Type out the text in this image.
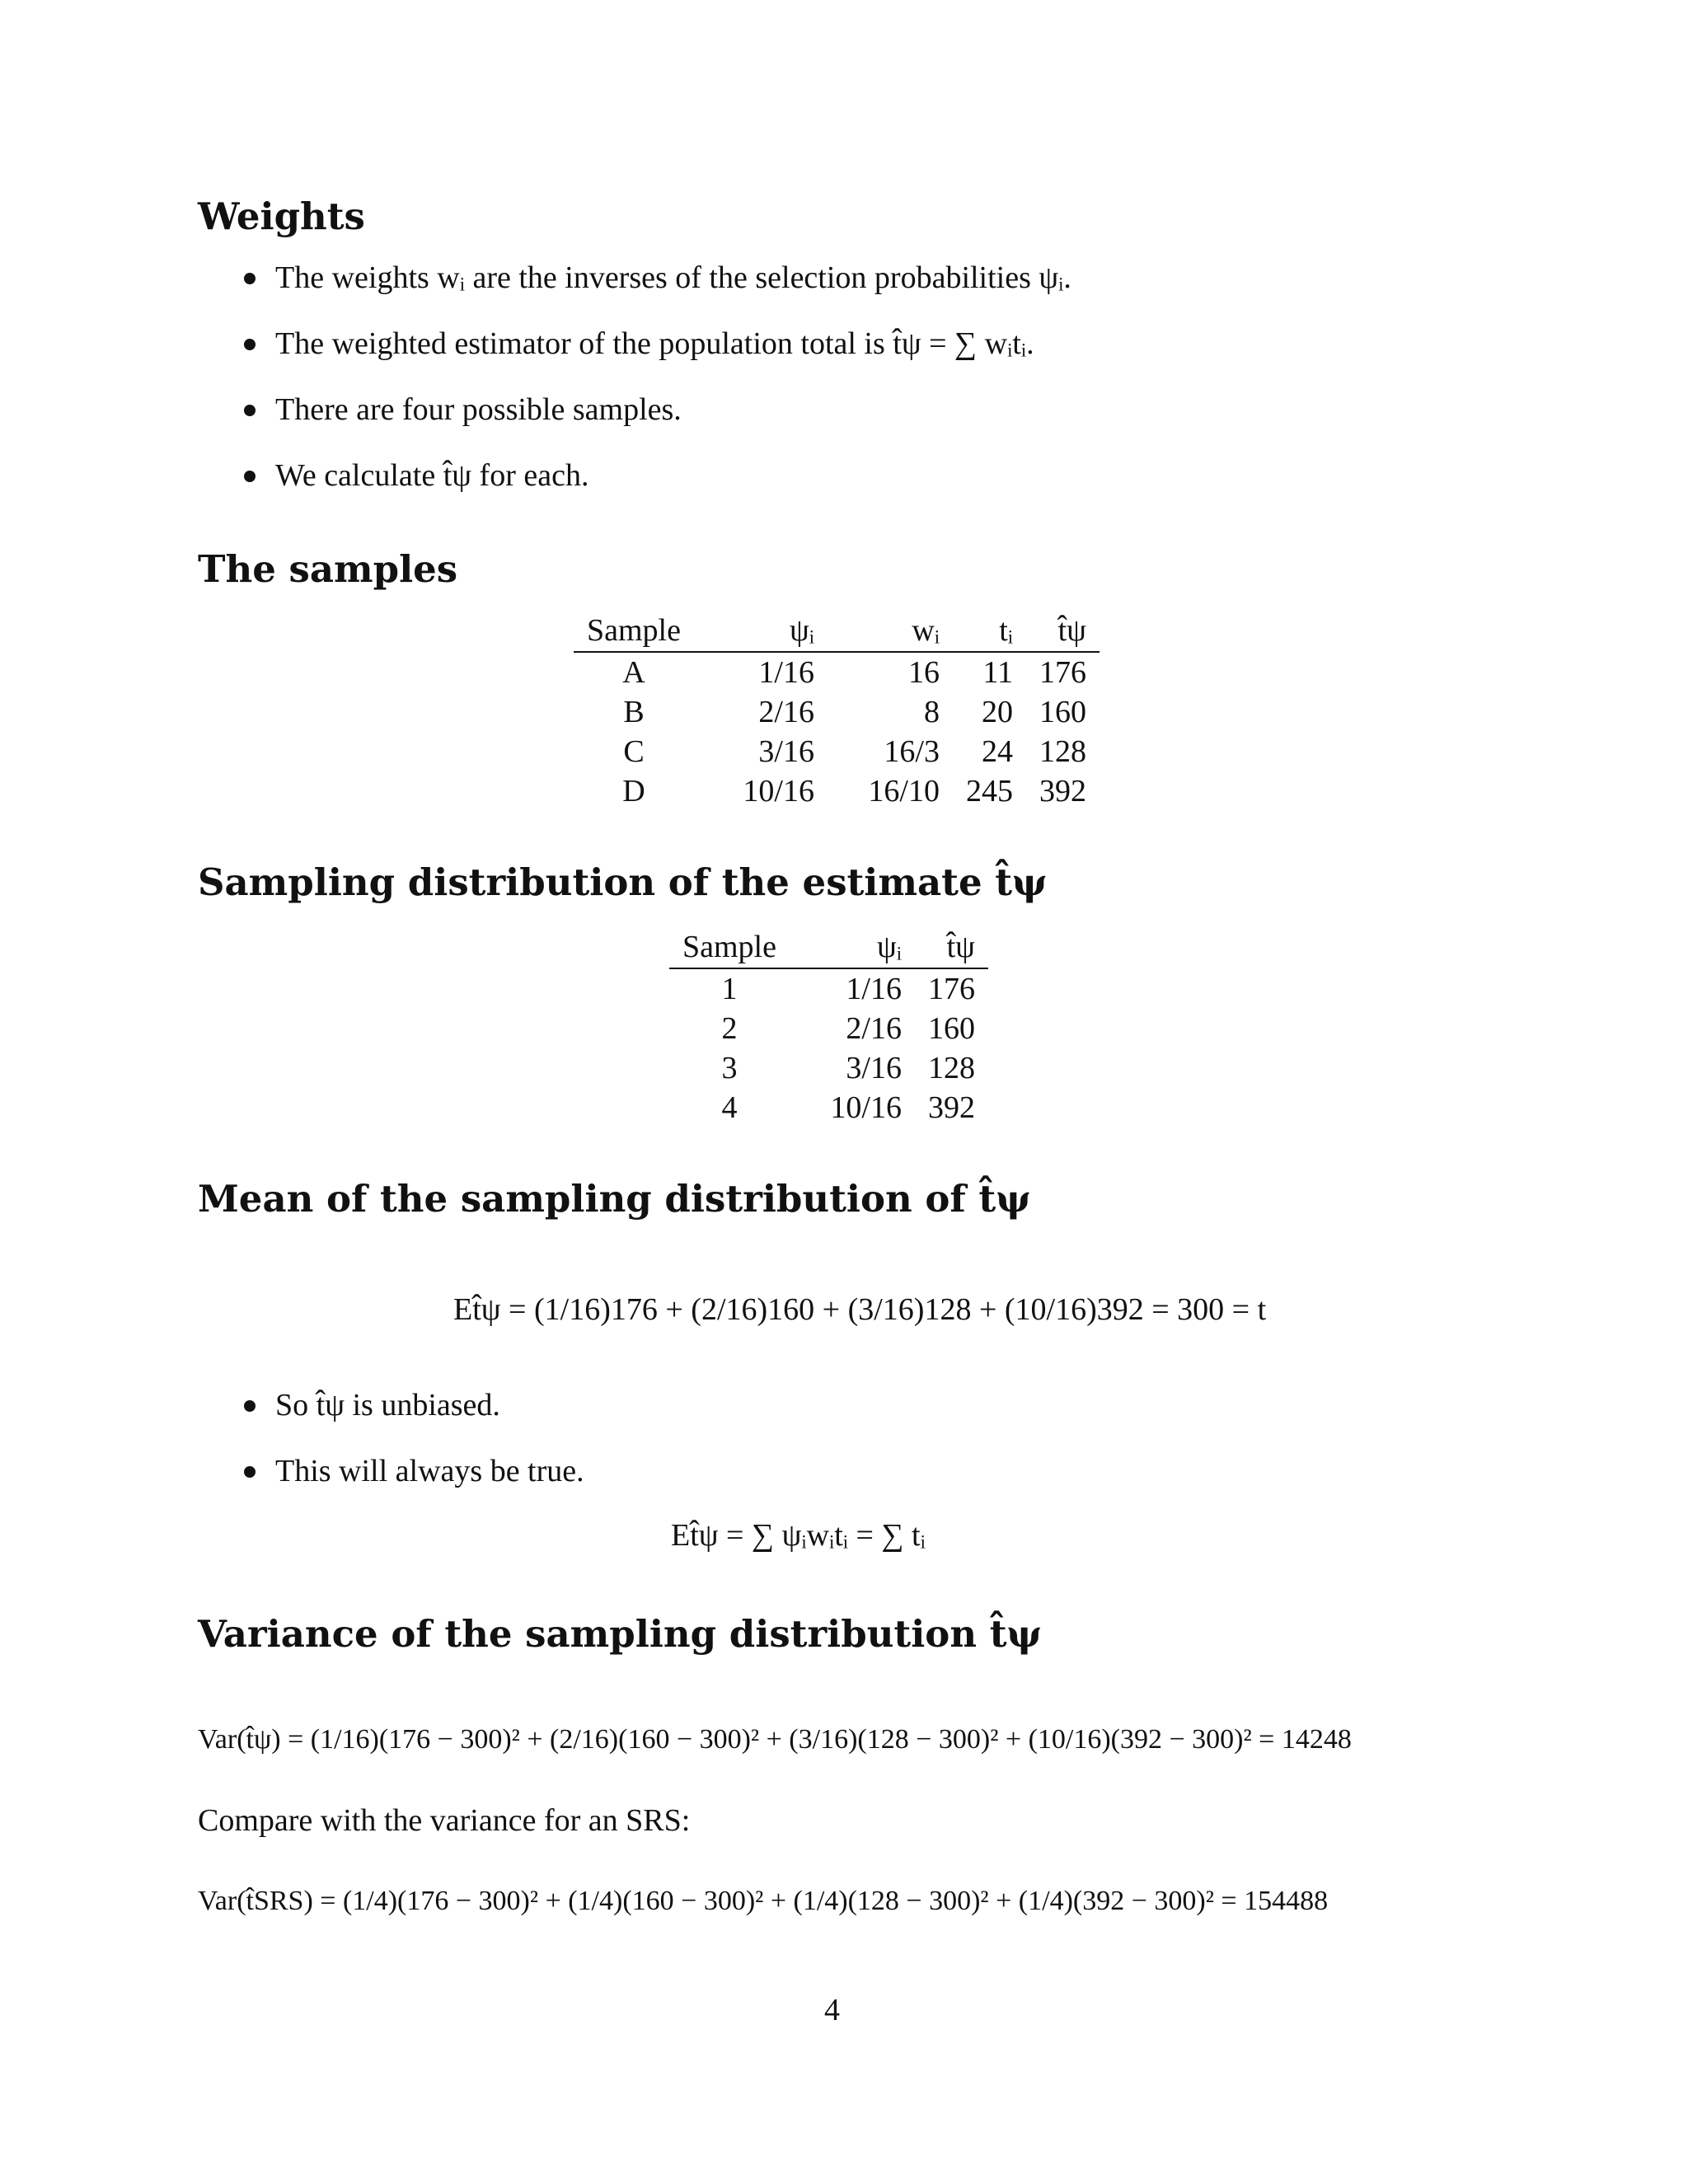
Weights
The weights wᵢ are the inverses of the selection probabilities ψᵢ.
The weighted estimator of the population total is t̂ψ = ∑ wᵢtᵢ.
There are four possible samples.
We calculate t̂ψ for each.
The samples
Sample	ψᵢ	wᵢ	tᵢ	t̂ψ
A	1/16	16	11	176
B	2/16	8	20	160
C	3/16	16/3	24	128
D	10/16	16/10	245	392
Sampling distribution of the estimate t̂ψ
Sample	ψᵢ	t̂ψ
1	1/16	176
2	2/16	160
3	3/16	128
4	10/16	392
Mean of the sampling distribution of t̂ψ
Et̂ψ = (1/16)176 + (2/16)160 + (3/16)128 + (10/16)392 = 300 = t
So t̂ψ is unbiased.
This will always be true.
Et̂ψ = ∑ ψᵢwᵢtᵢ = ∑ tᵢ
Variance of the sampling distribution t̂ψ
Var(t̂ψ) = (1/16)(176 − 300)² + (2/16)(160 − 300)² + (3/16)(128 − 300)² + (10/16)(392 − 300)² = 14248
Compare with the variance for an SRS:
Var(t̂SRS) = (1/4)(176 − 300)² + (1/4)(160 − 300)² + (1/4)(128 − 300)² + (1/4)(392 − 300)² = 154488
4
